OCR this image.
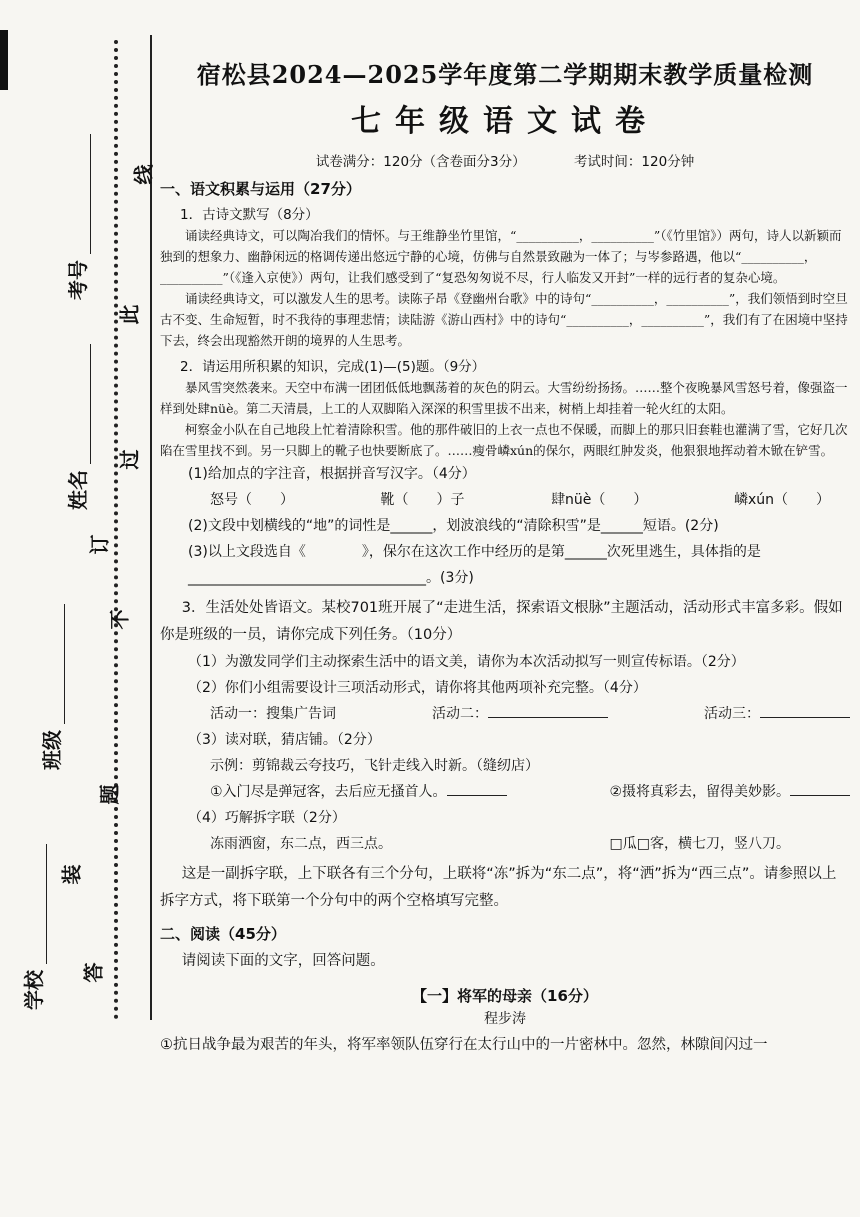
考号
姓名
班级
学校
线
此
过
不
订
题
装
答
宿松县2024—2025学年度第二学期期末教学质量检测
七年级语文试卷
试卷满分：120分（含卷面分3分）	考试时间：120分钟
一、语文积累与运用（27分）
1．古诗文默写（8分）

诵读经典诗文，可以陶冶我们的情怀。与王维静坐竹里馆，“__________，__________”（《竹里馆》）两句，诗人以新颖而独到的想象力、幽静闲远的格调传递出悠远宁静的心境，仿佛与自然景致融为一体了；与岑参路遇，他以“__________，__________”（《逢入京使》）两句，让我们感受到了“复恐匆匆说不尽，行人临发又开封”一样的远行者的复杂心境。

诵读经典诗文，可以激发人生的思考。读陈子昂《登幽州台歌》中的诗句“__________，__________”，我们领悟到时空旦古不变、生命短暂，时不我待的事理悲情；读陆游《游山西村》中的诗句“__________，__________”，我们有了在困境中坚持下去，终会出现豁然开朗的境界的人生思考。

2．请运用所积累的知识，完成(1)—(5)题。（9分）

暴风雪突然袭来。天空中布满一团团低低地飘荡着的灰色的阴云。大雪纷纷扬扬。……整个夜晚暴风雪怒号着，像强盗一样到处肆nüè。第二天清晨，上工的人双脚陷入深深的积雪里拔不出来，树梢上却挂着一轮火红的太阳。

柯察金小队在自己地段上忙着清除积雪。他的那件破旧的上衣一点也不保暖，而脚上的那只旧套鞋也灌满了雪，它好几次陷在雪里找不到。另一只脚上的靴子也快要断底了。……瘦骨嶙xún的保尔，两眼红肿发炎，他狠狠地挥动着木锨在铲雪。

(1)给加点的字注音，根据拼音写汉字。（4分）
怒号（　　）	靴（　　）子	肆nüè（　　）	嶙xún（　　）
(2)文段中划横线的“地”的词性是______，划波浪线的“清除积雪”是______短语。(2分)
(3)以上文段选自《　　　　》，保尔在这次工作中经历的是第______次死里逃生，具体指的是__________________________________。(3分)
3．生活处处皆语文。某校701班开展了“走进生活，探索语文根脉”主题活动，活动形式丰富多彩。假如你是班级的一员，请你完成下列任务。（10分）
（1）为激发同学们主动探索生活中的语文美，请你为本次活动拟写一则宣传标语。（2分）
（2）你们小组需要设计三项活动形式，请你将其他两项补充完整。（4分）
活动一：搜集广告词	活动二：	活动三：
（3）读对联，猜店铺。（2分）
示例：剪锦裁云夸技巧，飞针走线入时新。（缝纫店）
①入门尽是弹冠客，去后应无搔首人。	②摄将真彩去，留得美妙影。
（4）巧解拆字联（2分）
冻雨洒窗，东二点，西三点。	□瓜□客，横七刀，竖八刀。
这是一副拆字联，上下联各有三个分句，上联将“冻”拆为“东二点”，将“洒”拆为“西三点”。请参照以上拆字方式，将下联第一个分句中的两个空格填写完整。
二、阅读（45分）
请阅读下面的文字，回答问题。
【一】将军的母亲（16分）
程步涛
①抗日战争最为艰苦的年头，将军率领队伍穿行在太行山中的一片密林中。忽然，林隙间闪过一
